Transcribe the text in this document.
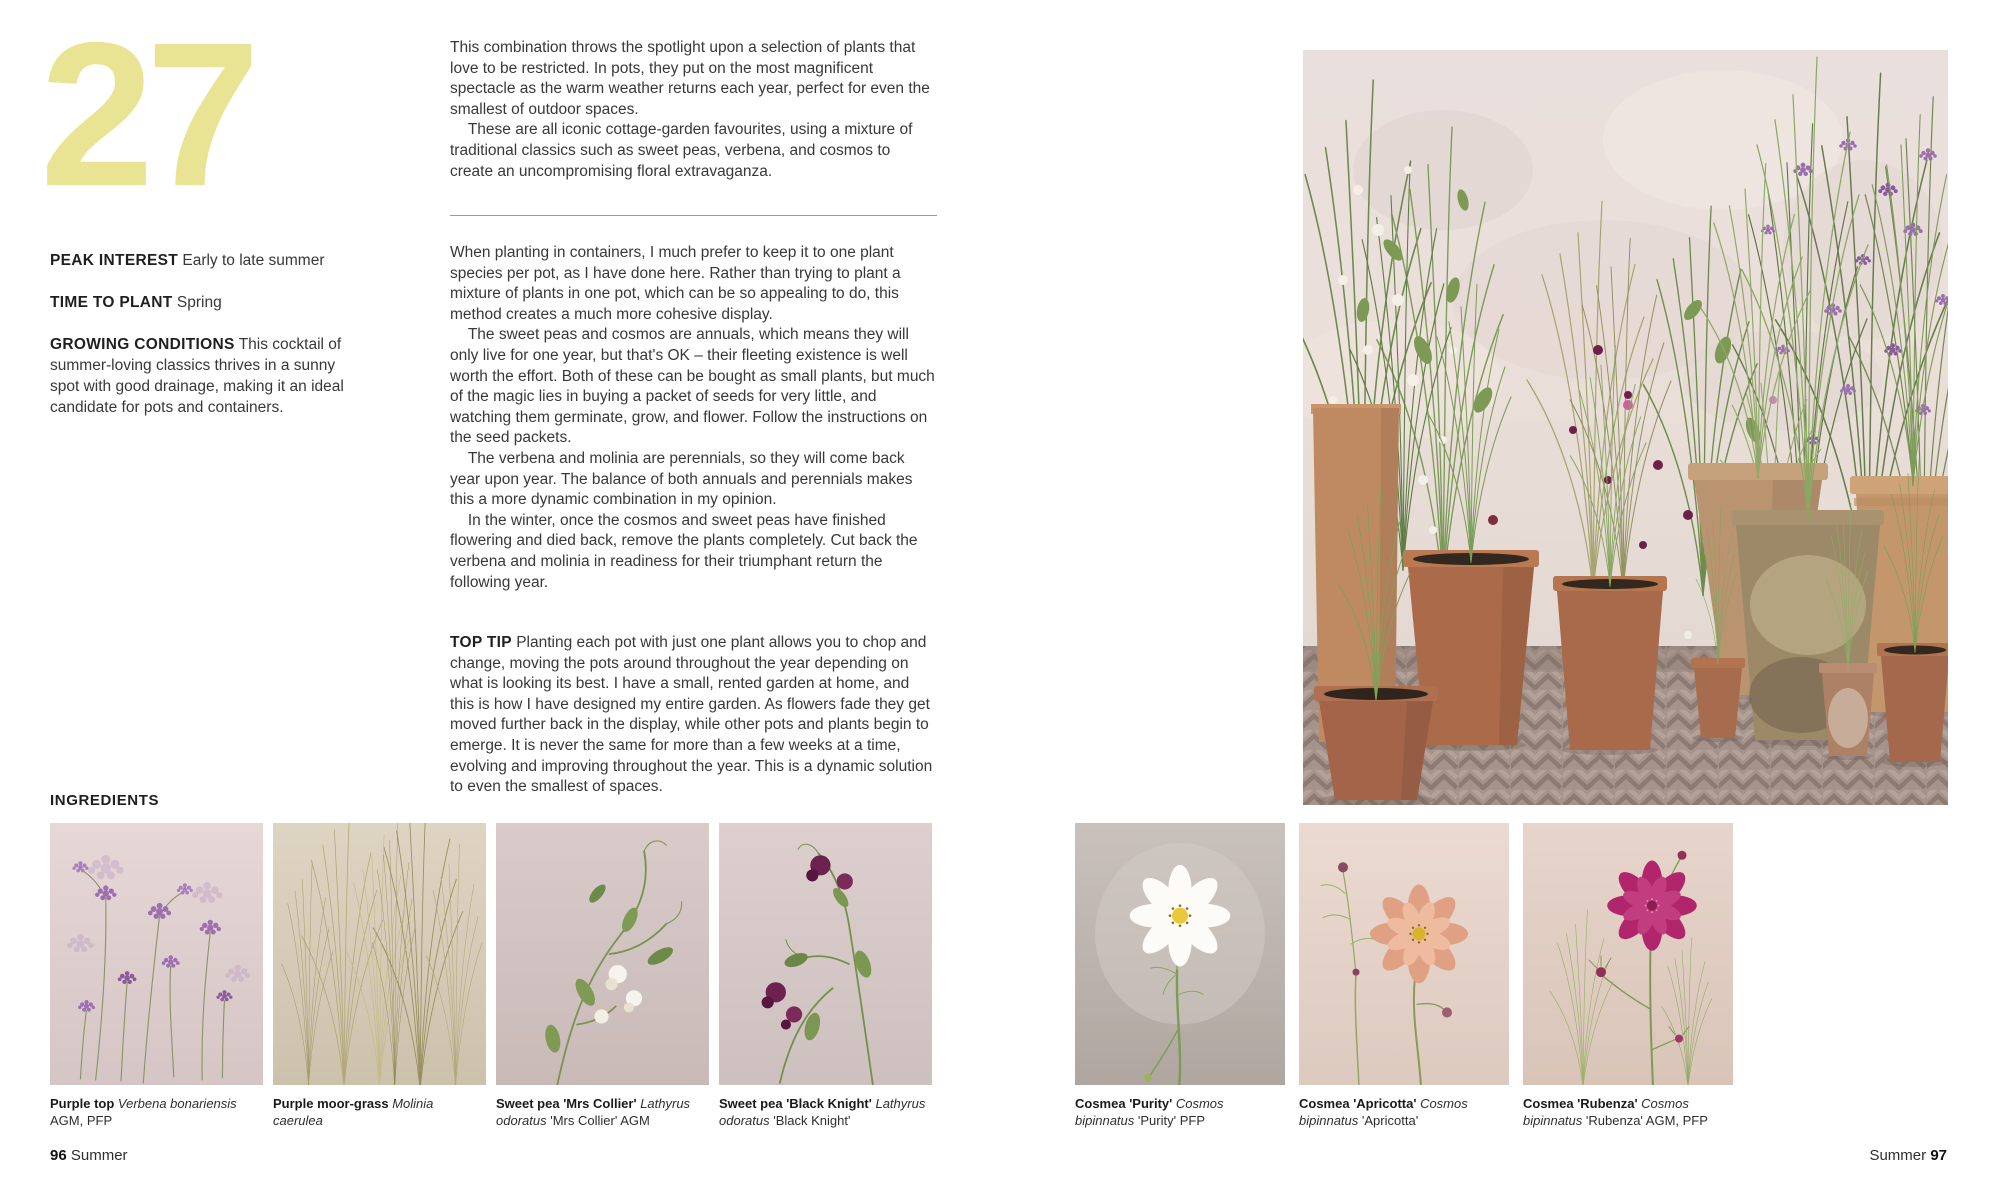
27

PEAK INTEREST Early to late summer

TIME TO PLANT Spring

GROWING CONDITIONS This cocktail of summer-loving classics thrives in a sunny spot with good drainage, making it an ideal candidate for pots and containers.

This combination throws the spotlight upon a selection of plants that love to be restricted. In pots, they put on the most magnificent spectacle as the warm weather returns each year, perfect for even the smallest of outdoor spaces.

These are all iconic cottage-garden favourites, using a mixture of traditional classics such as sweet peas, verbena, and cosmos to create an uncompromising floral extravaganza.

When planting in containers, I much prefer to keep it to one plant species per pot, as I have done here. Rather than trying to plant a mixture of plants in one pot, which can be so appealing to do, this method creates a much more cohesive display.

The sweet peas and cosmos are annuals, which means they will only live for one year, but that's OK – their fleeting existence is well worth the effort. Both of these can be bought as small plants, but much of the magic lies in buying a packet of seeds for very little, and watching them germinate, grow, and flower. Follow the instructions on the seed packets.

The verbena and molinia are perennials, so they will come back year upon year. The balance of both annuals and perennials makes this a more dynamic combination in my opinion.

In the winter, once the cosmos and sweet peas have finished flowering and died back, remove the plants completely. Cut back the verbena and molinia in readiness for their triumphant return the following year.

TOP TIP Planting each pot with just one plant allows you to chop and change, moving the pots around throughout the year depending on what is looking its best. I have a small, rented garden at home, and this is how I have designed my entire garden. As flowers fade they get moved further back in the display, while other pots and plants begin to emerge. It is never the same for more than a few weeks at a time, evolving and improving throughout the year. This is a dynamic solution to even the smallest of spaces.

INGREDIENTS
Purple top Verbena bonariensis AGM, PFP
Purple moor-grass Molinia caerulea
Sweet pea 'Mrs Collier' Lathyrus odoratus 'Mrs Collier' AGM
Sweet pea 'Black Knight' Lathyrus odoratus 'Black Knight'
96 Summer
Cosmea 'Purity' Cosmos bipinnatus 'Purity' PFP
Cosmea 'Apricotta' Cosmos bipinnatus 'Apricotta'
Cosmea 'Rubenza' Cosmos bipinnatus 'Rubenza' AGM, PFP
Summer 97
